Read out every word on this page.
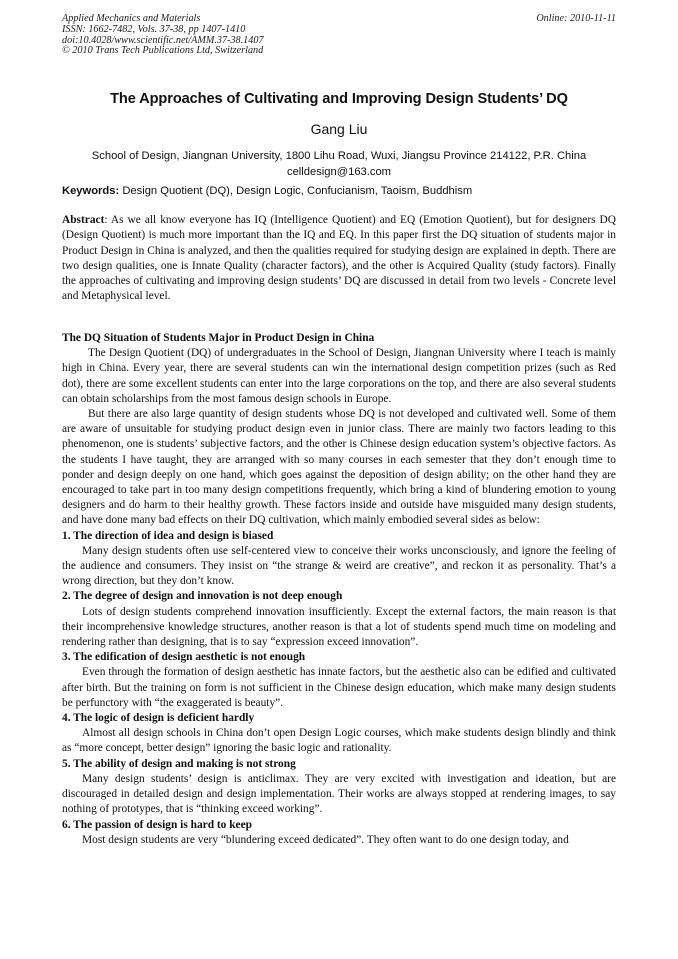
Applied Mechanics and Materials
ISSN: 1662-7482, Vols. 37-38, pp 1407-1410
doi:10.4028/www.scientific.net/AMM.37-38.1407
© 2010 Trans Tech Publications Ltd, Switzerland
Online: 2010-11-11
The Approaches of Cultivating and Improving Design Students’ DQ
Gang Liu
School of Design, Jiangnan University, 1800 Lihu Road, Wuxi, Jiangsu Province 214122, P.R. China
celldesign@163.com
Keywords: Design Quotient (DQ), Design Logic, Confucianism, Taoism, Buddhism
Abstract: As we all know everyone has IQ (Intelligence Quotient) and EQ (Emotion Quotient), but for designers DQ (Design Quotient) is much more important than the IQ and EQ. In this paper first the DQ situation of students major in Product Design in China is analyzed, and then the qualities required for studying design are explained in depth. There are two design qualities, one is Innate Quality (character factors), and the other is Acquired Quality (study factors). Finally the approaches of cultivating and improving design students’ DQ are discussed in detail from two levels - Concrete level and Metaphysical level.
The DQ Situation of Students Major in Product Design in China

The Design Quotient (DQ) of undergraduates in the School of Design, Jiangnan University where I teach is mainly high in China. Every year, there are several students can win the international design competition prizes (such as Red dot), there are some excellent students can enter into the large corporations on the top, and there are also several students can obtain scholarships from the most famous design schools in Europe.

But there are also large quantity of design students whose DQ is not developed and cultivated well. Some of them are aware of unsuitable for studying product design even in junior class. There are mainly two factors leading to this phenomenon, one is students’ subjective factors, and the other is Chinese design education system’s objective factors. As the students I have taught, they are arranged with so many courses in each semester that they don’t enough time to ponder and design deeply on one hand, which goes against the deposition of design ability; on the other hand they are encouraged to take part in too many design competitions frequently, which bring a kind of blundering emotion to young designers and do harm to their healthy growth. These factors inside and outside have misguided many design students, and have done many bad effects on their DQ cultivation, which mainly embodied several sides as below:

1. The direction of idea and design is biased

Many design students often use self-centered view to conceive their works unconsciously, and ignore the feeling of the audience and consumers. They insist on “the strange & weird are creative”, and reckon it as personality. That’s a wrong direction, but they don’t know.

2. The degree of design and innovation is not deep enough

Lots of design students comprehend innovation insufficiently. Except the external factors, the main reason is that their incomprehensive knowledge structures, another reason is that a lot of students spend much time on modeling and rendering rather than designing, that is to say “expression exceed innovation”.

3. The edification of design aesthetic is not enough

Even through the formation of design aesthetic has innate factors, but the aesthetic also can be edified and cultivated after birth. But the training on form is not sufficient in the Chinese design education, which make many design students be perfunctory with “the exaggerated is beauty”.

4. The logic of design is deficient hardly

Almost all design schools in China don’t open Design Logic courses, which make students design blindly and think as “more concept, better design” ignoring the basic logic and rationality.

5. The ability of design and making is not strong

Many design students’ design is anticlimax. They are very excited with investigation and ideation, but are discouraged in detailed design and design implementation. Their works are always stopped at rendering images, to say nothing of prototypes, that is “thinking exceed working”.

6. The passion of design is hard to keep

Most design students are very “blundering exceed dedicated”. They often want to do one design today, and
